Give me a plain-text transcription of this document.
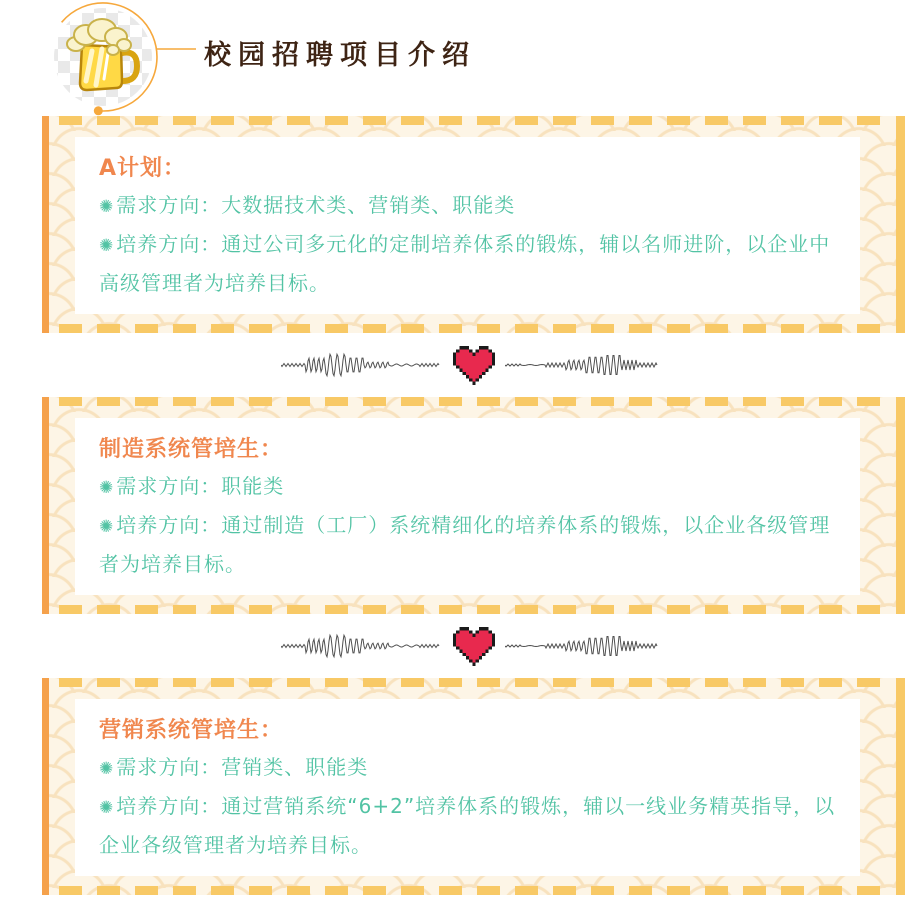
校园招聘项目介绍
A计划：
✺ 需求方向：大数据技术类、营销类、职能类
✺ 培养方向：通过公司多元化的定制培养体系的锻炼，辅以名师进阶，以企业中高级管理者为培养目标。
制造系统管培生：
✺ 需求方向：职能类
✺ 培养方向：通过制造（工厂）系统精细化的培养体系的锻炼，以企业各级管理者为培养目标。
营销系统管培生：
✺ 需求方向：营销类、职能类
✺ 培养方向：通过营销系统“6+2”培养体系的锻炼，辅以一线业务精英指导，以企业各级管理者为培养目标。
